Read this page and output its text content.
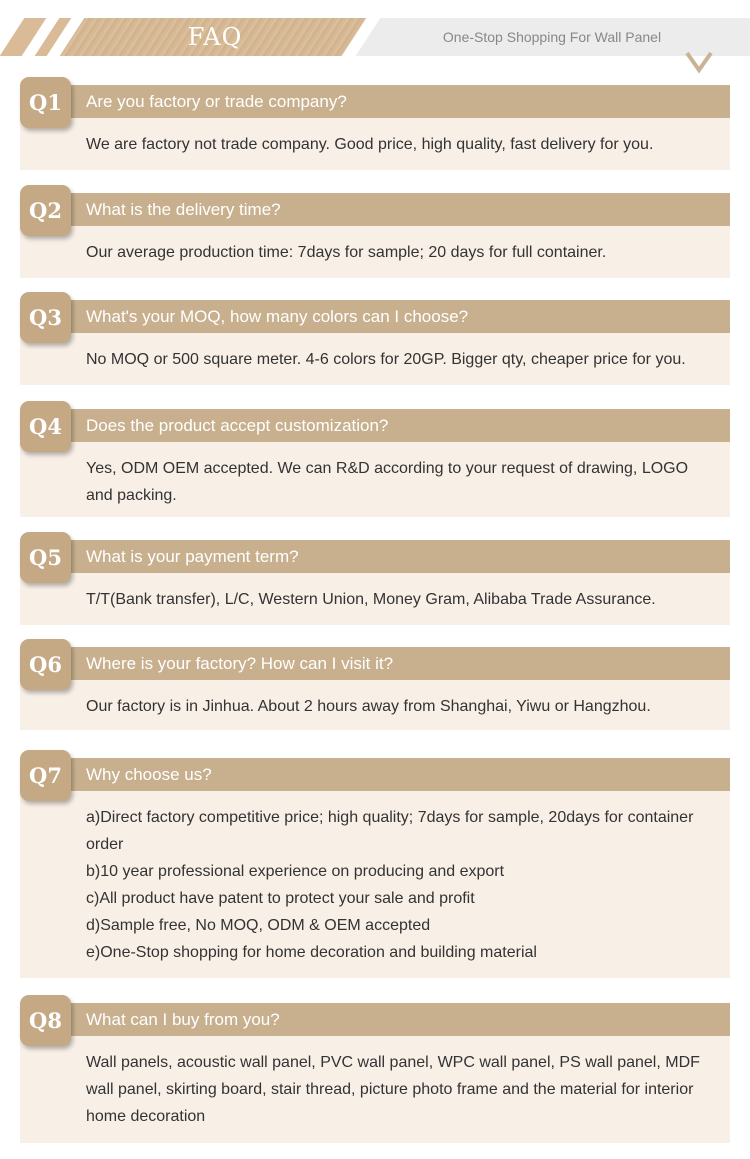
FAQ	One-Stop Shopping For Wall Panel
Q1	Are you factory or trade company?
We are factory not trade company. Good price, high quality, fast delivery for you.
Q2	What is the delivery time?
Our average production time: 7days for sample; 20 days for full container.
Q3	What's your MOQ, how many colors can I choose?
No MOQ or 500 square meter. 4-6 colors for 20GP. Bigger qty, cheaper price for you.
Q4	Does the product accept customization?
Yes, ODM OEM accepted. We can R&D according to your request of drawing, LOGO and packing.
Q5	What is your payment term?
T/T(Bank transfer), L/C, Western Union, Money Gram, Alibaba Trade Assurance.
Q6	Where is your factory? How can I visit it?
Our factory is in Jinhua. About 2 hours away from Shanghai, Yiwu or Hangzhou.
Q7	Why choose us?
a)Direct factory competitive price; high quality; 7days for sample, 20days for container order
b)10 year professional experience on producing and export
c)All product have patent to protect your sale and profit
d)Sample free, No MOQ, ODM & OEM accepted
e)One-Stop shopping for home decoration and building material
Q8	What can I buy from you?
Wall panels, acoustic wall panel, PVC wall panel, WPC wall panel, PS wall panel, MDF wall panel, skirting board, stair thread, picture photo frame and the material for interior home decoration
